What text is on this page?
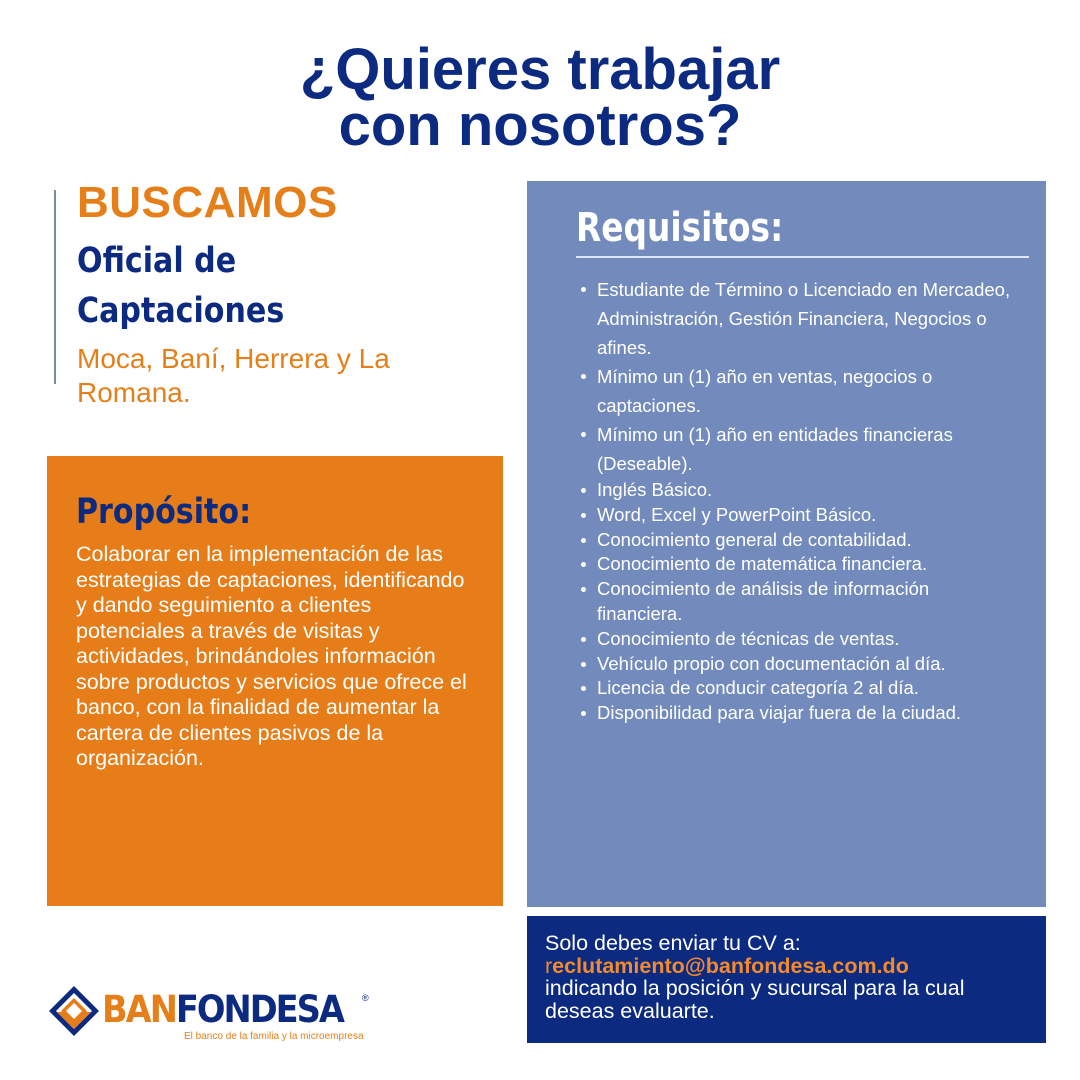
¿Quieres trabajar
con nosotros?
BUSCAMOS
Oficial de
Captaciones

Moca, Baní, Herrera y La Romana.

Propósito:

Colaborar en la implementación de las estrategias de captaciones, identificando y dando seguimiento a clientes potenciales a través de visitas y actividades, brindándoles información sobre productos y servicios que ofrece el banco, con la finalidad de aumentar la cartera de clientes pasivos de la organización.

Requisitos:
Estudiante de Término o Licenciado en Mercadeo, Administración, Gestión Financiera, Negocios o afines.
Mínimo un (1) año en ventas, negocios o captaciones.
Mínimo un (1) año en entidades financieras (Deseable).
Inglés Básico.
Word, Excel y PowerPoint Básico.
Conocimiento general de contabilidad.
Conocimiento de matemática financiera.
Conocimiento de análisis de información financiera.
Conocimiento de técnicas de ventas.
Vehículo propio con documentación al día.
Licencia de conducir categoría 2 al día.
Disponibilidad para viajar fuera de la ciudad.

Solo debes enviar tu CV a:
reclutamiento@banfondesa.com.do
indicando la posición y sucursal para la cual deseas evaluarte.

BANFONDESA ®
El banco de la familia y la microempresa
